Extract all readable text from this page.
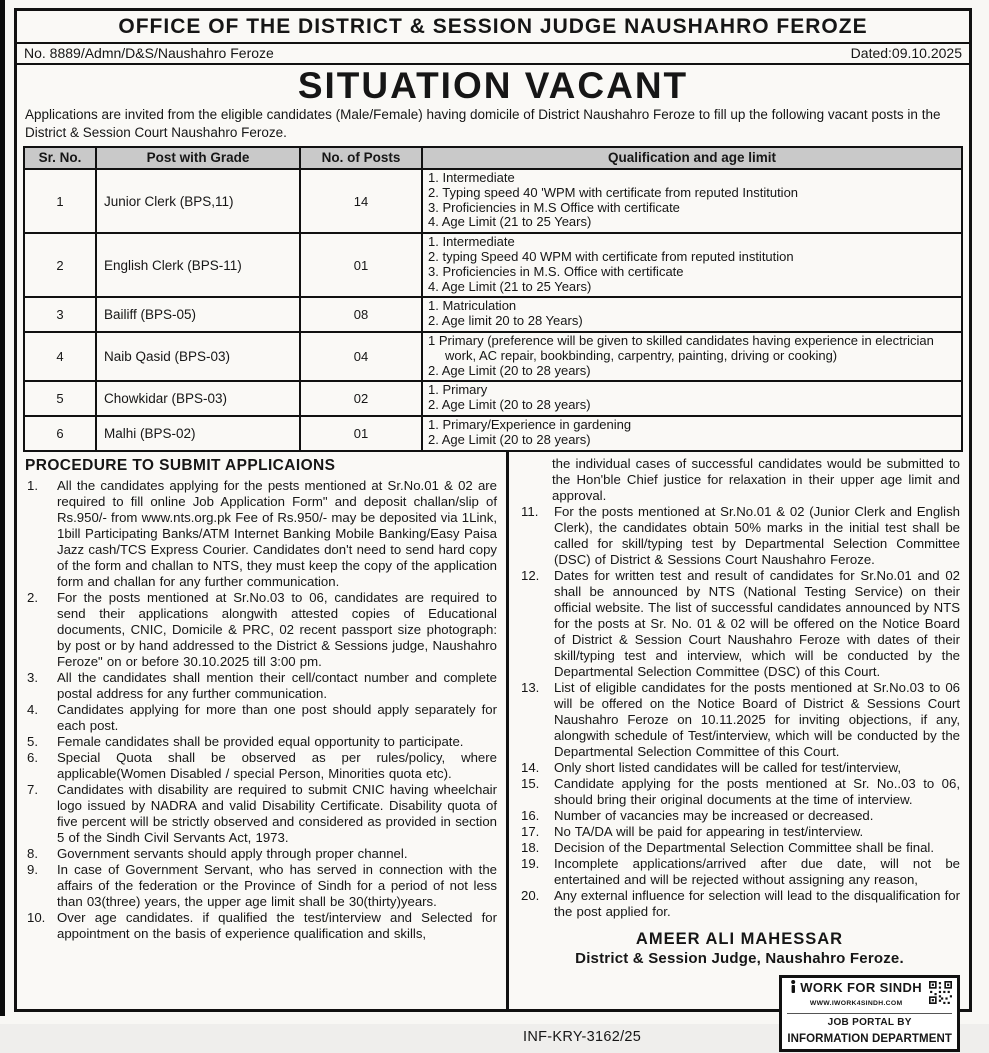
OFFICE OF THE DISTRICT & SESSION JUDGE NAUSHAHRO FEROZE
No. 8889/Admn/D&S/Naushahro Feroze	Dated:09.10.2025
SITUATION VACANT
Applications are invited from the eligible candidates (Male/Female) having domicile of District Naushahro Feroze to fill up the following vacant posts in the District & Session Court Naushahro Feroze.
Sr. No.	Post with Grade	No. of Posts	Qualification and age limit
1	Junior Clerk (BPS,11)	14
1. Intermediate
2. Typing speed 40 'WPM with certificate from reputed Institution
3. Proficiencies in M.S Office with certificate
4. Age Limit (21 to 25 Years)
2	English Clerk (BPS-11)	01
1. Intermediate
2. typing Speed 40 WPM with certificate from reputed institution
3. Proficiencies in M.S. Office with certificate
4. Age Limit (21 to 25 Years)
3	Bailiff (BPS-05)	08
1. Matriculation
2. Age limit 20 to 28 Years)
4	Naib Qasid (BPS-03)	04
1 Primary (preference will be given to skilled candidates having experience in electrician work, AC repair, bookbinding, carpentry, painting, driving or cooking)
2. Age Limit (20 to 28 years)
5	Chowkidar (BPS-03)	02
1. Primary
2. Age Limit (20 to 28 years)
6	Malhi (BPS-02)	01
1. Primary/Experience in gardening
2. Age Limit (20 to 28 years)
PROCEDURE TO SUBMIT APPLICAIONS
1.	All the candidates applying for the pests mentioned at Sr.No.01 & 02 are required to fill online Job Application Form" and deposit challan/slip of Rs.950/- from www.nts.org.pk Fee of Rs.950/- may be deposited via 1Link, 1bill Participating Banks/ATM Internet Banking Mobile Banking/Easy Paisa Jazz cash/TCS Express Courier. Candidates don't need to send hard copy of the form and challan to NTS, they must keep the copy of the application form and challan for any further communication.
2.	For the posts mentioned at Sr.No.03 to 06, candidates are required to send their applications alongwith attested copies of Educational documents, CNIC, Domicile & PRC, 02 recent passport size photograph: by post or by hand addressed to the District & Sessions judge, Naushahro Feroze" on or before 30.10.2025 till 3:00 pm.
3.	All the candidates shall mention their cell/contact number and complete postal address for any further communication.
4.	Candidates applying for more than one post should apply separately for each post.
5.	Female candidates shall be provided equal opportunity to participate.
6.	Special Quota shall be observed as per rules/policy, where applicable(Women Disabled / special Person, Minorities quota etc).
7.	Candidates with disability are required to submit CNIC having wheelchair logo issued by NADRA and valid Disability Certificate. Disability quota of five percent will be strictly observed and considered as provided in section 5 of the Sindh Civil Servants Act, 1973.
8.	Government servants should apply through proper channel.
9.	In case of Government Servant, who has served in connection with the affairs of the federation or the Province of Sindh for a period of not less than 03(three) years, the upper age limit shall be 30(thirty)years.
10. Over age candidates. if qualified the test/interview and Selected for appointment on the basis of experience qualification and skills,
the individual cases of successful candidates would be submitted to the Hon'ble Chief justice for relaxation in their upper age limit and approval.
11.	For the posts mentioned at Sr.No.01 & 02 (Junior Clerk and English Clerk), the candidates obtain 50% marks in the initial test shall be called for skill/typing test by Departmental Selection Committee (DSC) of District & Sessions Court Naushahro Feroze.
12.	Dates for written test and result of candidates for Sr.No.01 and 02 shall be announced by NTS (National Testing Service) on their official website. The list of successful candidates announced by NTS for the posts at Sr. No. 01 & 02 will be offered on the Notice Board of District & Session Court Naushahro Feroze with dates of their skill/typing test and interview, which will be conducted by the Departmental Selection Committee (DSC) of this Court.
13.	List of eligible candidates for the posts mentioned at Sr.No.03 to 06 will be offered on the Notice Board of District & Sessions Court Naushahro Feroze on 10.11.2025 for inviting objections, if any, alongwith schedule of Test/interview, which will be conducted by the Departmental Selection Committee of this Court.
14.	Only short listed candidates will be called for test/interview,
15.	Candidate applying for the posts mentioned at Sr. No..03 to 06, should bring their original documents at the time of interview.
16.	Number of vacancies may be increased or decreased.
17.	No TA/DA will be paid for appearing in test/interview.
18.	Decision of the Departmental Selection Committee shall be final.
19.	Incomplete applications/arrived after due date, will not be entertained and will be rejected without assigning any reason,
20.	Any external influence for selection will lead to the disqualification for the post applied for.
AMEER ALI MAHESSAR
District & Session Judge, Naushahro Feroze.
INF-KRY-3162/25
WORK FOR SINDH
WWW.IWORK4SINDH.COM
JOB PORTAL BY
INFORMATION DEPARTMENT
